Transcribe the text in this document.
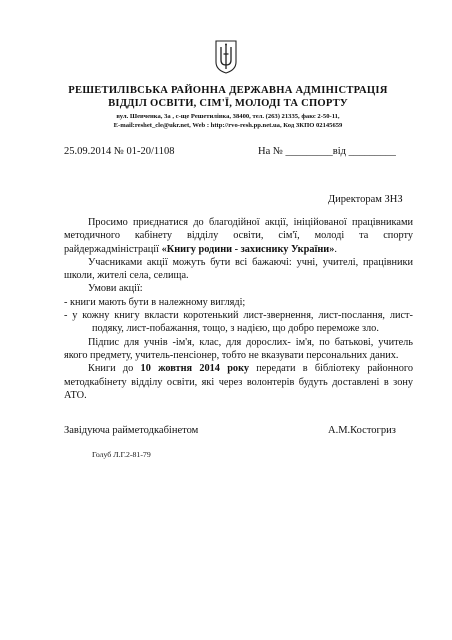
РЕШЕТИЛІВСЬКА РАЙОННА ДЕРЖАВНА АДМІНІСТРАЦІЯ
ВІДДІЛ ОСВІТИ, СІМ'Ї, МОЛОДІ ТА СПОРТУ
вул. Шевченка, 3а , с-ще Решетилівка, 38400, тел. (263) 21335, факс 2-50-11,
E-mail:reshet_cle@ukr.net, Web : http://rvo-resh.pp.net.ua, Код ЗКПО 02145659
25.09.2014 № 01-20/1108	На № _________від _________
Директорам ЗНЗ

Просимо приєднатися до благодійної акції, ініційованої працівниками методичного кабінету відділу освіти, сім'ї, молоді та спорту райдержадміністрації «Книгу родини - захиснику України».

Учасниками акції можуть бути всі бажаючі: учні, учителі, працівники школи, жителі села, селища.

Умови акції:

- книги мають бути в належному вигляді;

- у кожну книгу вкласти коротенький лист-звернення, лист-послання, лист-подяку, лист-побажання, тощо, з надією, що добро переможе зло.

Підпис для учнів -ім'я, клас, для дорослих- ім'я, по батькові, учитель якого предмету, учитель-пенсіонер, тобто не вказувати персональних даних.

Книги до 10 жовтня 2014 року передати в бібліотеку районного методкабінету відділу освіти, які через волонтерів будуть доставлені в зону АТО.

Завідуюча райметодкабінетом	А.М.Костогриз
Голуб Л.Г.2-81-79
